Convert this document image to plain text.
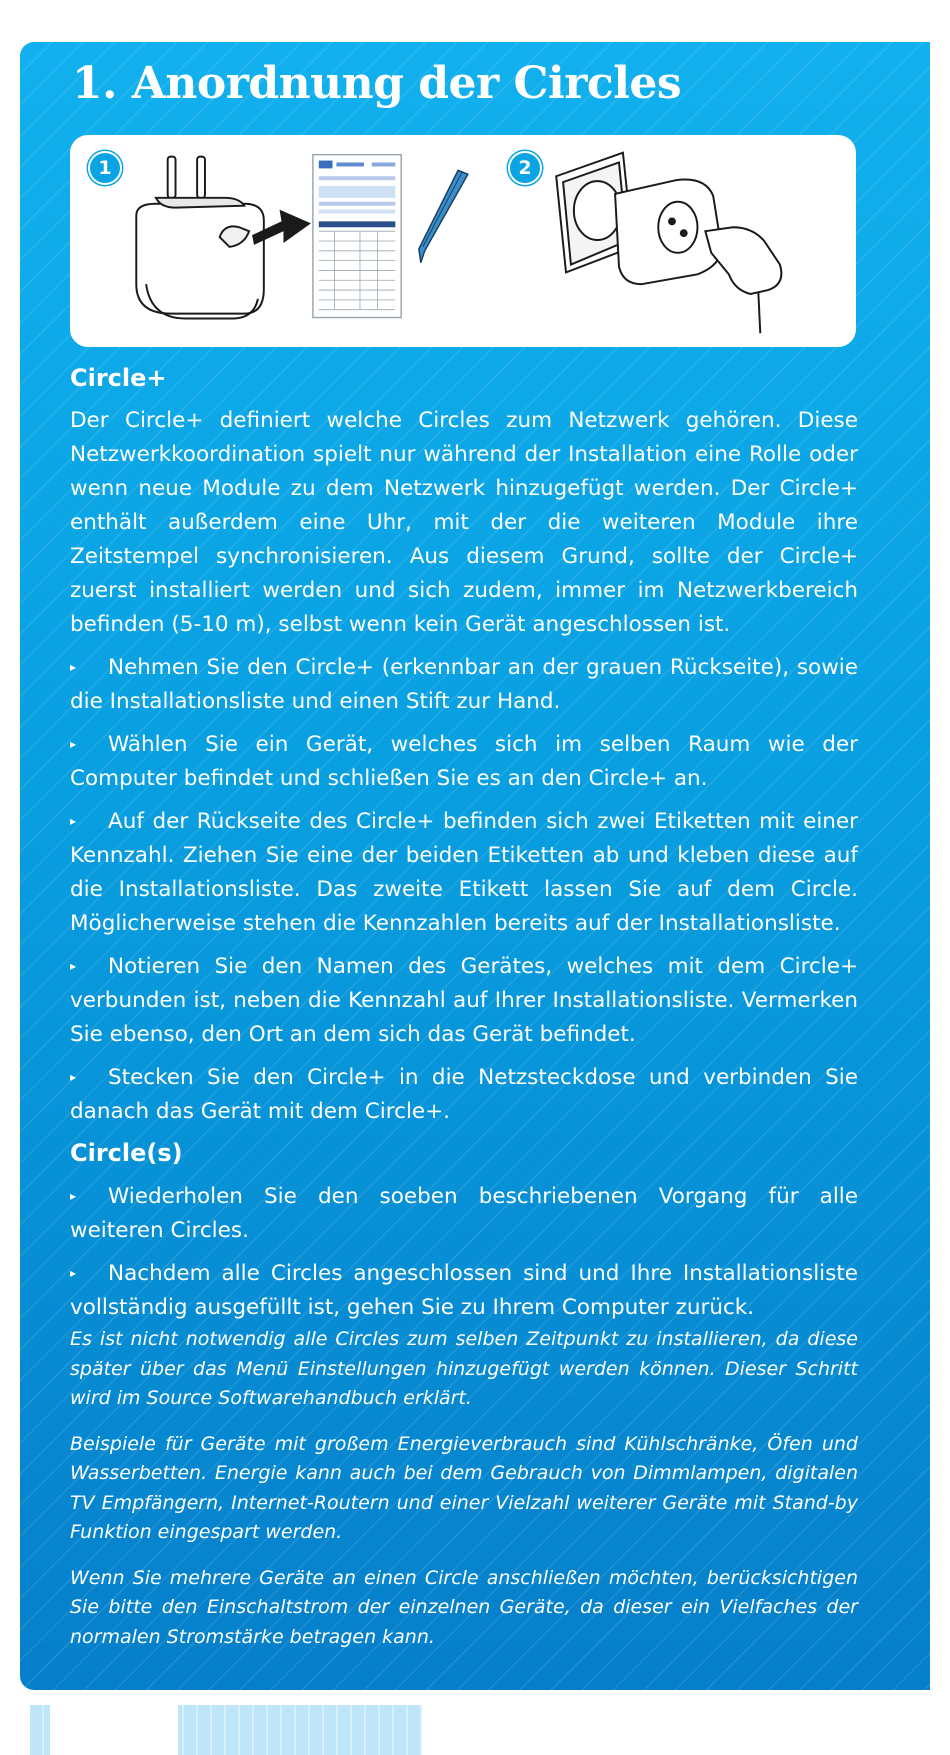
1. Anordnung der Circles
1	2
Circle+

Der Circle+ definiert welche Circles zum Netzwerk gehören. Diese Netzwerkkoordination spielt nur während der Installation eine Rolle oder wenn neue Module zu dem Netzwerk hinzugefügt werden. Der Circle+ enthält außerdem eine Uhr, mit der die weiteren Module ihre Zeitstempel synchronisieren. Aus diesem Grund, sollte der Circle+ zuerst installiert werden und sich zudem, immer im Netzwerkbereich befinden (5-10 m), selbst wenn kein Gerät angeschlossen ist.

▸ Nehmen Sie den Circle+ (erkennbar an der grauen Rückseite), sowie die Installationsliste und einen Stift zur Hand.

▸ Wählen Sie ein Gerät, welches sich im selben Raum wie der Computer befindet und schließen Sie es an den Circle+ an.

▸ Auf der Rückseite des Circle+ befinden sich zwei Etiketten mit einer Kennzahl. Ziehen Sie eine der beiden Etiketten ab und kleben diese auf die Installationsliste. Das zweite Etikett lassen Sie auf dem Circle. Möglicherweise stehen die Kennzahlen bereits auf der Installationsliste.

▸ Notieren Sie den Namen des Gerätes, welches mit dem Circle+ verbunden ist, neben die Kennzahl auf Ihrer Installationsliste. Vermerken Sie ebenso, den Ort an dem sich das Gerät befindet.

▸ Stecken Sie den Circle+ in die Netzsteckdose und verbinden Sie danach das Gerät mit dem Circle+.

Circle(s)

▸ Wiederholen Sie den soeben beschriebenen Vorgang für alle weiteren Circles.

▸ Nachdem alle Circles angeschlossen sind und Ihre Installationsliste vollständig ausgefüllt ist, gehen Sie zu Ihrem Computer zurück.

Es ist nicht notwendig alle Circles zum selben Zeitpunkt zu installieren, da diese später über das Menü Einstellungen hinzugefügt werden können. Dieser Schritt wird im Source Softwarehandbuch erklärt.

Beispiele für Geräte mit großem Energieverbrauch sind Kühlschränke, Öfen und Wasserbetten. Energie kann auch bei dem Gebrauch von Dimmlampen, digitalen TV Empfängern, Internet-Routern und einer Vielzahl weiterer Geräte mit Stand-by Funktion eingespart werden.

Wenn Sie mehrere Geräte an einen Circle anschließen möchten, berücksichtigen Sie bitte den Einschaltstrom der einzelnen Geräte, da dieser ein Vielfaches der normalen Stromstärke betragen kann.
